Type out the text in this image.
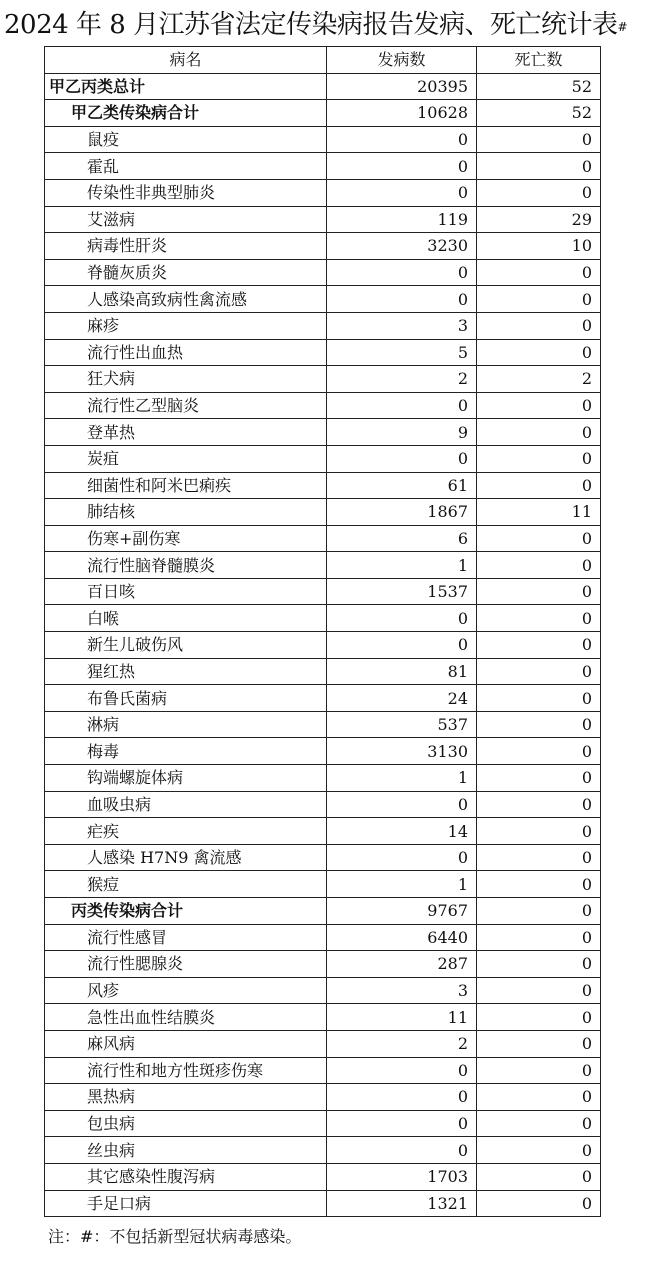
2024 年 8 月江苏省法定传染病报告发病、死亡统计表#
病名	发病数	死亡数
甲乙丙类总计	20395	52
甲乙类传染病合计	10628	52
鼠疫	0	0
霍乱	0	0
传染性非典型肺炎	0	0
艾滋病	119	29
病毒性肝炎	3230	10
脊髓灰质炎	0	0
人感染高致病性禽流感	0	0
麻疹	3	0
流行性出血热	5	0
狂犬病	2	2
流行性乙型脑炎	0	0
登革热	9	0
炭疽	0	0
细菌性和阿米巴痢疾	61	0
肺结核	1867	11
伤寒+副伤寒	6	0
流行性脑脊髓膜炎	1	0
百日咳	1537	0
白喉	0	0
新生儿破伤风	0	0
猩红热	81	0
布鲁氏菌病	24	0
淋病	537	0
梅毒	3130	0
钩端螺旋体病	1	0
血吸虫病	0	0
疟疾	14	0
人感染 H7N9 禽流感	0	0
猴痘	1	0
丙类传染病合计	9767	0
流行性感冒	6440	0
流行性腮腺炎	287	0
风疹	3	0
急性出血性结膜炎	11	0
麻风病	2	0
流行性和地方性斑疹伤寒	0	0
黑热病	0	0
包虫病	0	0
丝虫病	0	0
其它感染性腹泻病	1703	0
手足口病	1321	0
注：#：不包括新型冠状病毒感染。
